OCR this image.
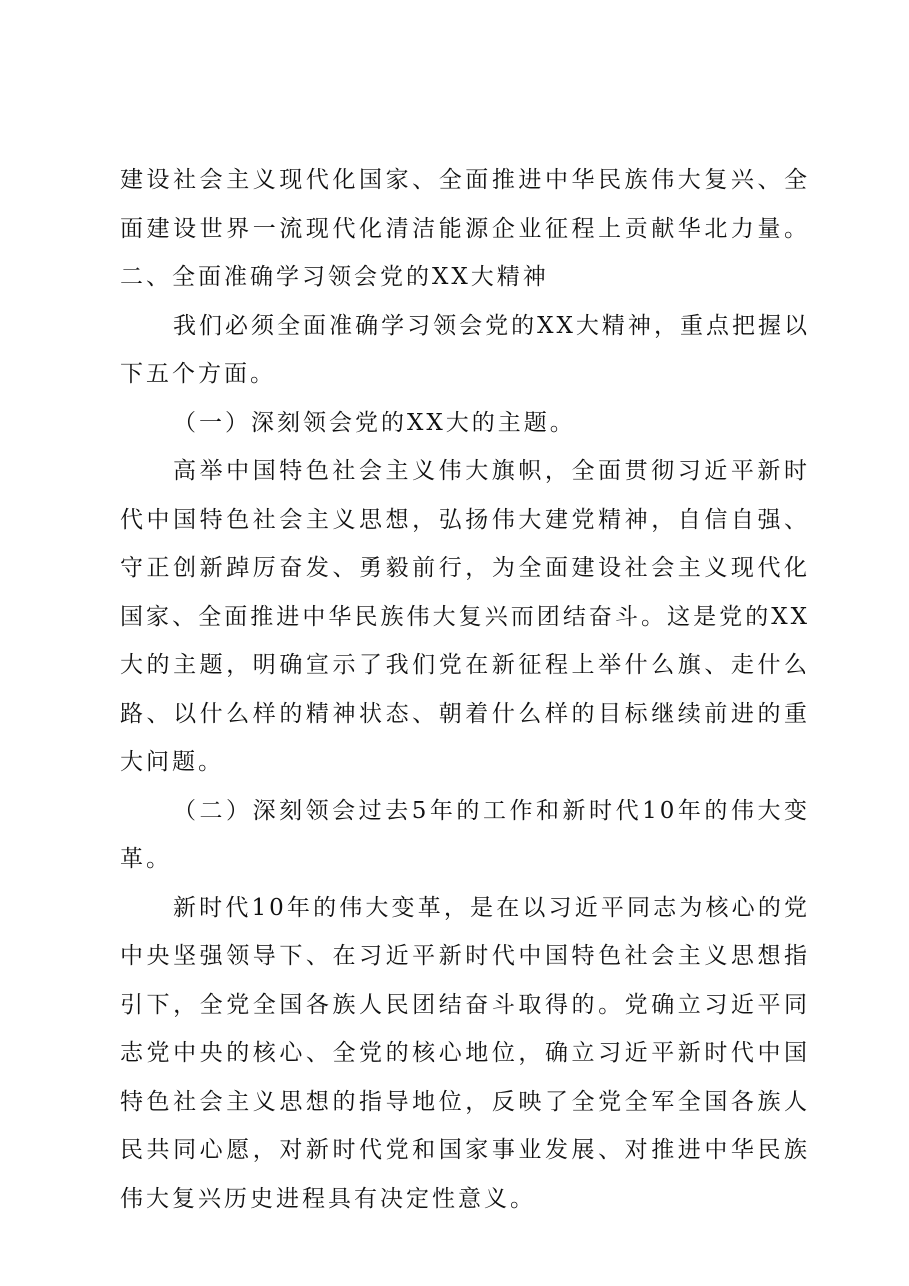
建设社会主义现代化国家、全面推进中华民族伟大复兴、全面建设世界一流现代化清洁能源企业征程上贡献华北力量。二、全面准确学习领会党的XX大精神

我们必须全面准确学习领会党的XX大精神，重点把握以下五个方面。

（一）深刻领会党的XX大的主题。

高举中国特色社会主义伟大旗帜，全面贯彻习近平新时代中国特色社会主义思想，弘扬伟大建党精神，自信自强、守正创新踔厉奋发、勇毅前行，为全面建设社会主义现代化国家、全面推进中华民族伟大复兴而团结奋斗。这是党的XX大的主题，明确宣示了我们党在新征程上举什么旗、走什么路、以什么样的精神状态、朝着什么样的目标继续前进的重大问题。

（二）深刻领会过去5年的工作和新时代10年的伟大变革。

新时代10年的伟大变革，是在以习近平同志为核心的党中央坚强领导下、在习近平新时代中国特色社会主义思想指引下，全党全国各族人民团结奋斗取得的。党确立习近平同志党中央的核心、全党的核心地位，确立习近平新时代中国特色社会主义思想的指导地位，反映了全党全军全国各族人民共同心愿，对新时代党和国家事业发展、对推进中华民族伟大复兴历史进程具有决定性意义。
